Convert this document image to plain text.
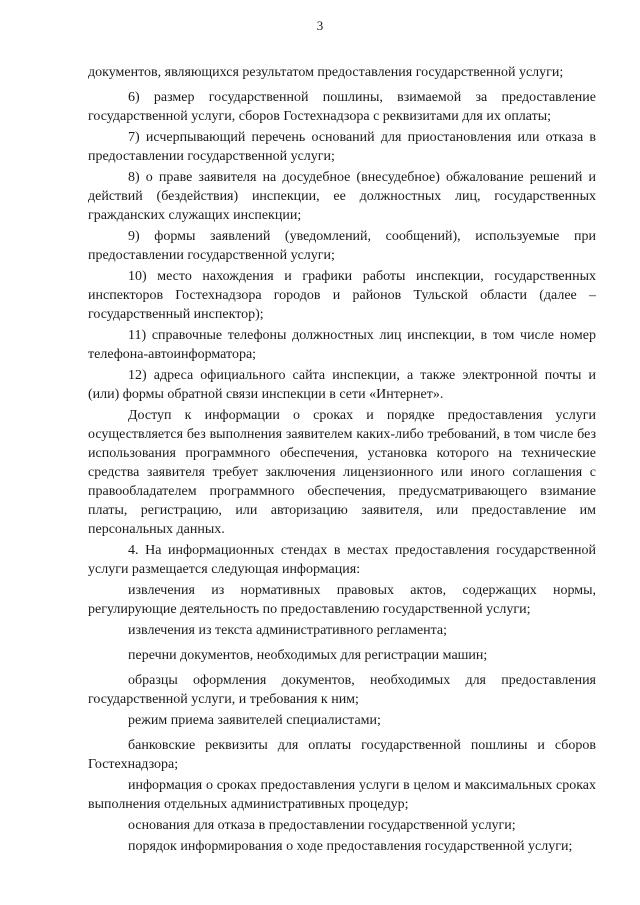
3

документов, являющихся результатом предоставления государственной услуги;

6) размер государственной пошлины, взимаемой за предоставление государственной услуги, сборов Гостехнадзора с реквизитами для их оплаты;

7) исчерпывающий перечень оснований для приостановления или отказа в предоставлении государственной услуги;

8) о праве заявителя на досудебное (внесудебное) обжалование решений и действий (бездействия) инспекции, ее должностных лиц, государственных гражданских служащих инспекции;

9) формы заявлений (уведомлений, сообщений), используемые при предоставлении государственной услуги;

10) место нахождения и графики работы инспекции, государственных инспекторов Гостехнадзора городов и районов Тульской области (далее – государственный инспектор);

11) справочные телефоны должностных лиц инспекции, в том числе номер телефона-автоинформатора;

12) адреса официального сайта инспекции, а также электронной почты и (или) формы обратной связи инспекции в сети «Интернет».

Доступ к информации о сроках и порядке предоставления услуги осуществляется без выполнения заявителем каких-либо требований, в том числе без использования программного обеспечения, установка которого на технические средства заявителя требует заключения лицензионного или иного соглашения с правообладателем программного обеспечения, предусматривающего взимание платы, регистрацию, или авторизацию заявителя, или предоставление им персональных данных.

4. На информационных стендах в местах предоставления государственной услуги размещается следующая информация:

извлечения из нормативных правовых актов, содержащих нормы, регулирующие деятельность по предоставлению государственной услуги;

извлечения из текста административного регламента;

перечни документов, необходимых для регистрации машин;

образцы оформления документов, необходимых для предоставления государственной услуги, и требования к ним;

режим приема заявителей специалистами;

банковские реквизиты для оплаты государственной пошлины и сборов Гостехнадзора;

информация о сроках предоставления услуги в целом и максимальных сроках выполнения отдельных административных процедур;

основания для отказа в предоставлении государственной услуги;

порядок информирования о ходе предоставления государственной услуги;
